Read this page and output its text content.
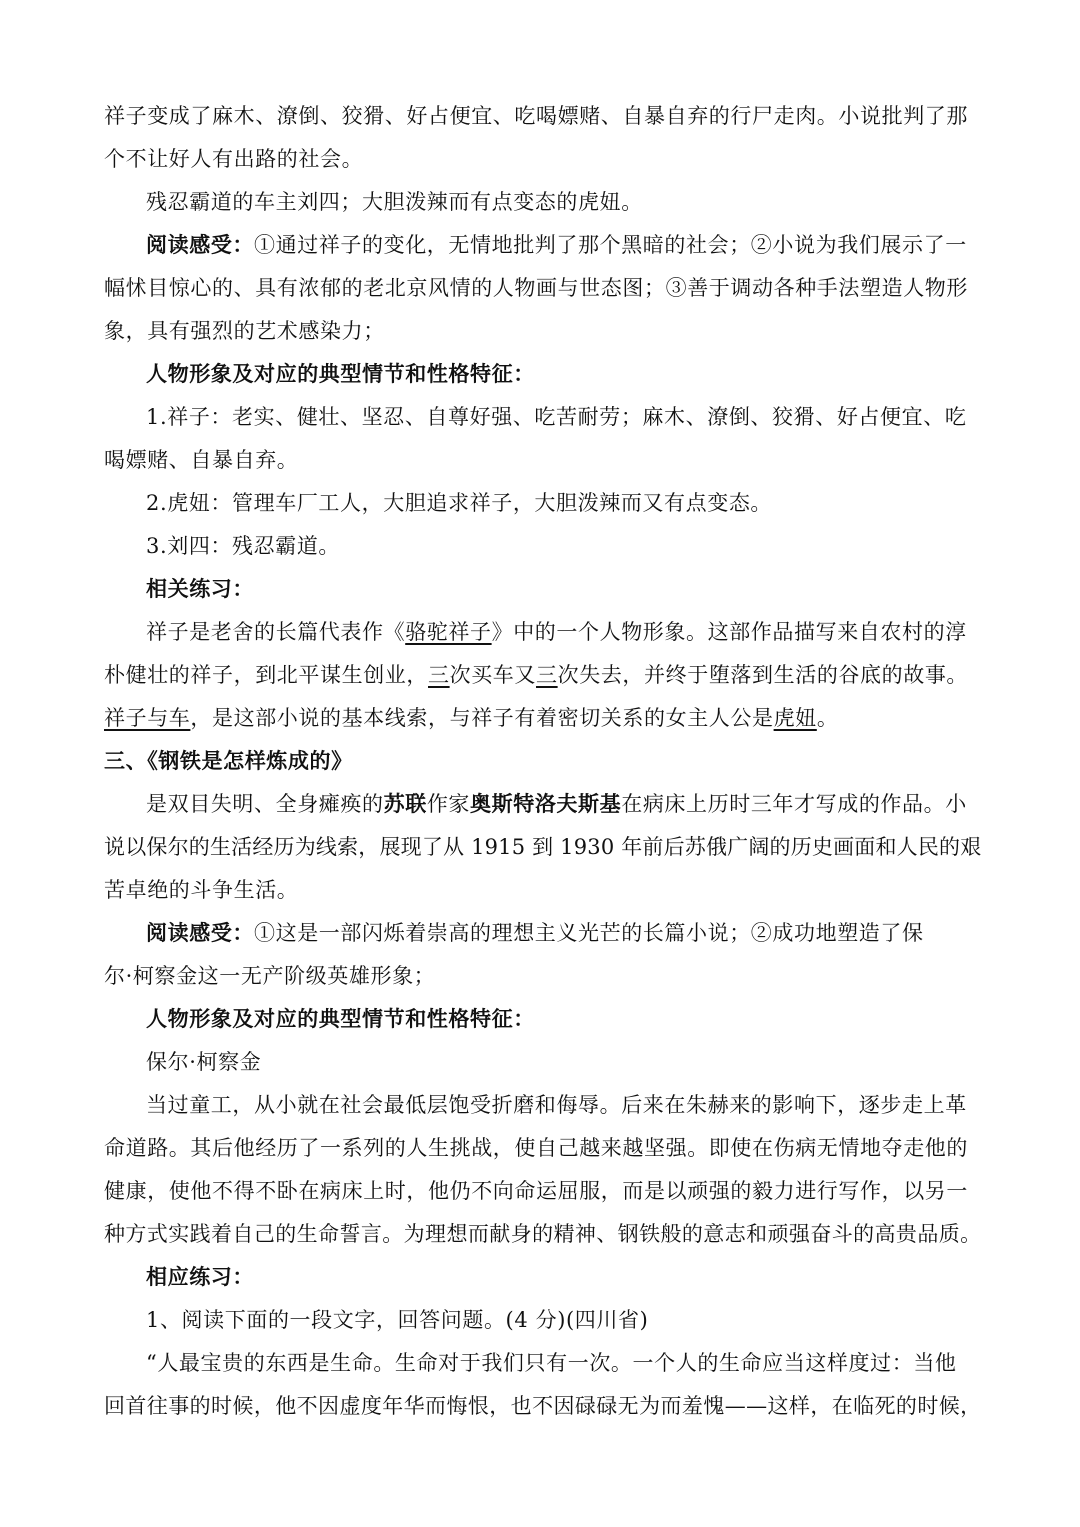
祥子变成了麻木、潦倒、狡猾、好占便宜、吃喝嫖赌、自暴自弃的行尸走肉。小说批判了那
个不让好人有出路的社会。
残忍霸道的车主刘四；大胆泼辣而有点变态的虎妞。
阅读感受：①通过祥子的变化，无情地批判了那个黑暗的社会；②小说为我们展示了一
幅怵目惊心的、具有浓郁的老北京风情的人物画与世态图；③善于调动各种手法塑造人物形
象，具有强烈的艺术感染力；
人物形象及对应的典型情节和性格特征：
1.祥子：老实、健壮、坚忍、自尊好强、吃苦耐劳；麻木、潦倒、狡猾、好占便宜、吃
喝嫖赌、自暴自弃。
2.虎妞：管理车厂工人，大胆追求祥子，大胆泼辣而又有点变态。
3.刘四：残忍霸道。
相关练习：
祥子是老舍的长篇代表作《骆驼祥子》中的一个人物形象。这部作品描写来自农村的淳
朴健壮的祥子，到北平谋生创业，三次买车又三次失去，并终于堕落到生活的谷底的故事。
祥子与车，是这部小说的基本线索，与祥子有着密切关系的女主人公是虎妞。
三、《钢铁是怎样炼成的》
是双目失明、全身瘫痪的苏联作家奥斯特洛夫斯基在病床上历时三年才写成的作品。小
说以保尔的生活经历为线索，展现了从 1915 到 1930 年前后苏俄广阔的历史画面和人民的艰
苦卓绝的斗争生活。
阅读感受：①这是一部闪烁着崇高的理想主义光芒的长篇小说；②成功地塑造了保
尔·柯察金这一无产阶级英雄形象；
人物形象及对应的典型情节和性格特征：
保尔·柯察金
当过童工，从小就在社会最低层饱受折磨和侮辱。后来在朱赫来的影响下，逐步走上革
命道路。其后他经历了一系列的人生挑战，使自己越来越坚强。即使在伤病无情地夺走他的
健康，使他不得不卧在病床上时，他仍不向命运屈服，而是以顽强的毅力进行写作，以另一
种方式实践着自己的生命誓言。为理想而献身的精神、钢铁般的意志和顽强奋斗的高贵品质。
相应练习：
1、阅读下面的一段文字，回答问题。(4 分)(四川省)
“人最宝贵的东西是生命。生命对于我们只有一次。一个人的生命应当这样度过：当他
回首往事的时候，他不因虚度年华而悔恨，也不因碌碌无为而羞愧——这样，在临死的时候，
